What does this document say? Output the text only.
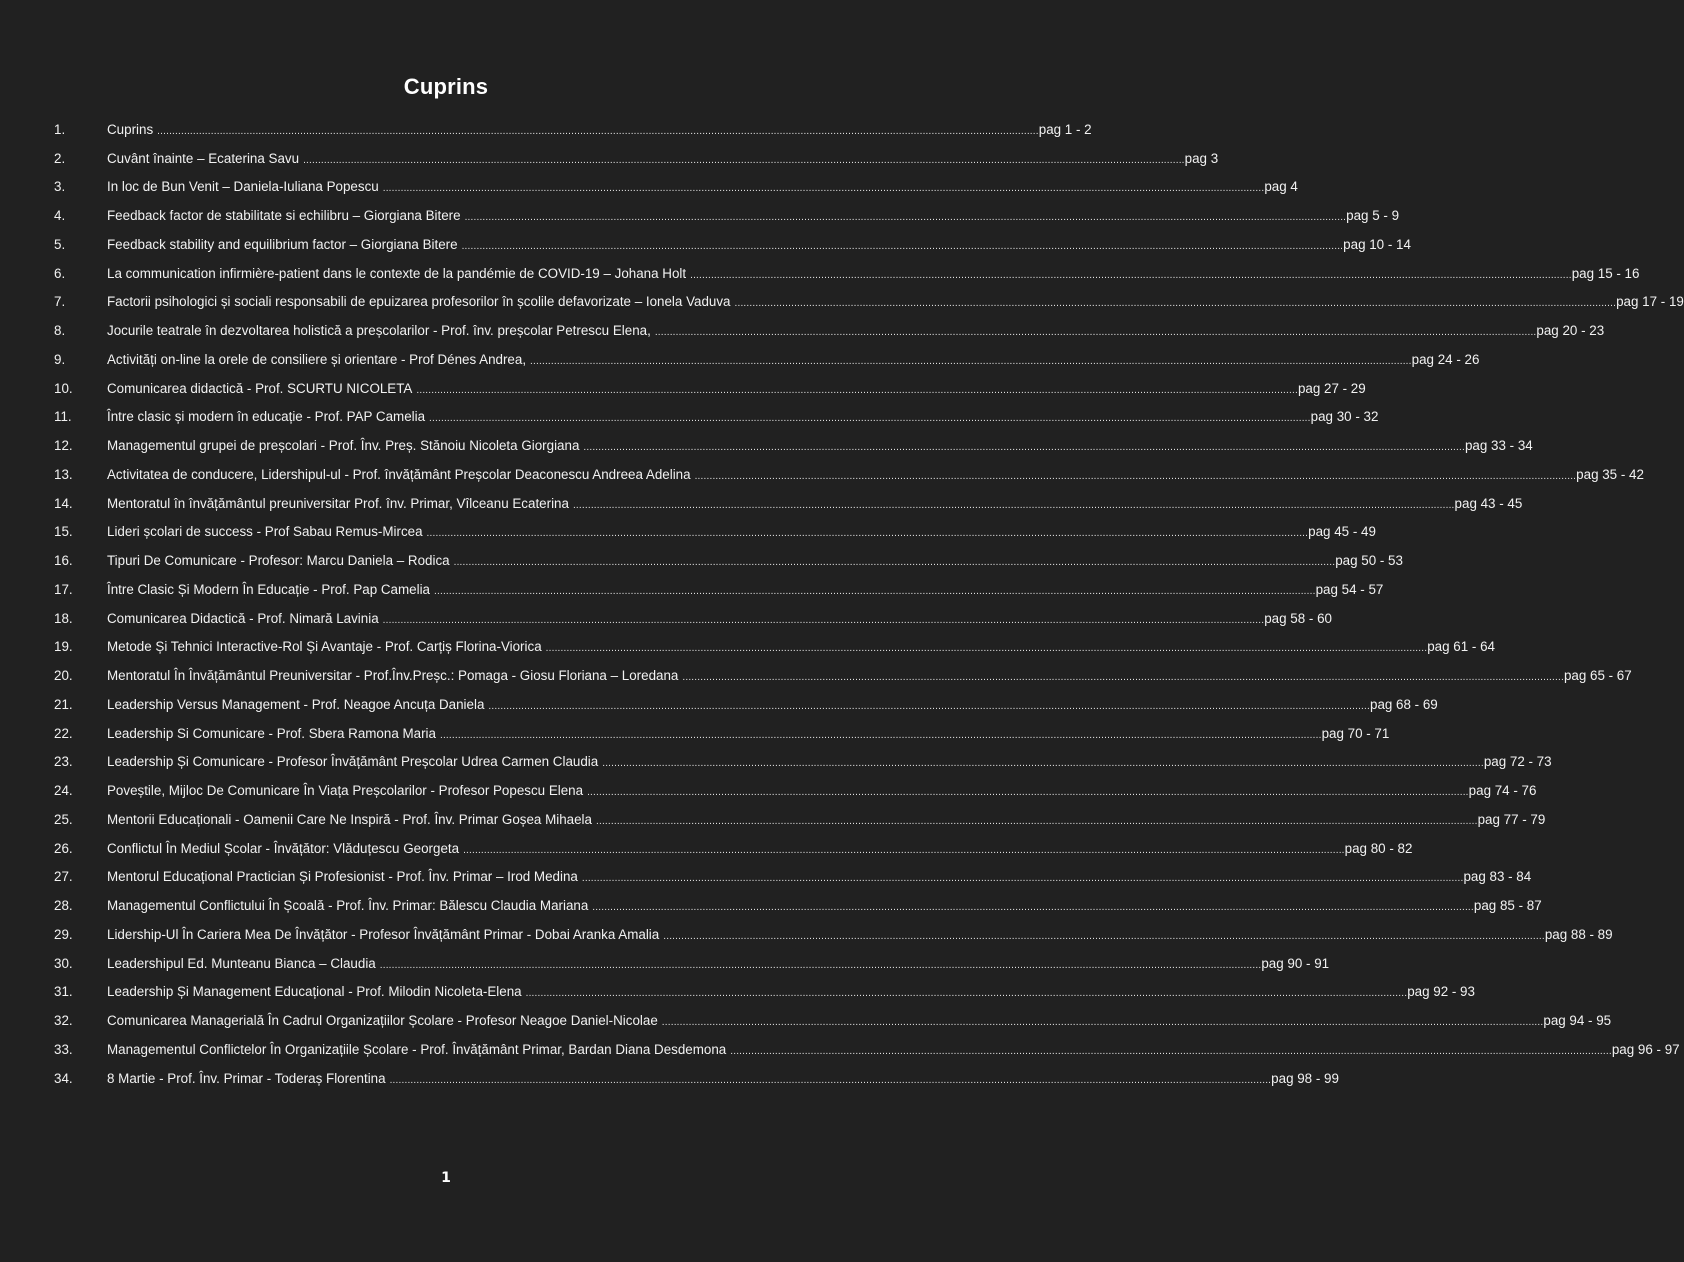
Cuprins
1.	Cuprins .....	pag 1 - 2
2.	Cuvânt înainte – Ecaterina Savu .....	pag 3
3.	In loc de Bun Venit – Daniela-Iuliana Popescu .....	pag 4
4.	Feedback factor de stabilitate si echilibru – Giorgiana Bitere .....	pag 5 - 9
5.	Feedback stability and equilibrium factor – Giorgiana Bitere .....	pag 10 - 14
6.	La communication infirmière-patient dans le contexte de la pandémie de COVID-19 – Johana Holt .....	pag 15 - 16
7.	Factorii psihologici și sociali responsabili de epuizarea profesorilor în școlile defavorizate – Ionela Vaduva .....	pag 17 - 19
8.	Jocurile teatrale în dezvoltarea holistică a preșcolarilor - Prof. înv. preșcolar Petrescu Elena, .....	pag 20 - 23
9.	Activități on-line la orele de consiliere și orientare - Prof Dénes Andrea, .....	pag 24 - 26
10.	Comunicarea didactică - Prof. SCURTU NICOLETA .....	pag 27 - 29
11.	Între clasic și modern în educație - Prof. PAP Camelia .....	pag 30 - 32
12.	Managementul grupei de preșcolari - Prof. Înv. Preș. Stănoiu Nicoleta Giorgiana .....	pag 33 - 34
13.	Activitatea de conducere, Lidershipul-ul - Prof. învățământ Preșcolar Deaconescu Andreea Adelina .....	pag 35 - 42
14.	Mentoratul în învățământul preuniversitar Prof. înv. Primar, Vîlceanu Ecaterina .....	pag 43 - 45
15.	Lideri școlari de success - Prof Sabau Remus-Mircea .....	pag 45 - 49
16.	Tipuri De Comunicare - Profesor: Marcu Daniela – Rodica .....	pag 50 - 53
17.	Între Clasic Și Modern În Educație - Prof. Pap Camelia .....	pag 54 - 57
18.	Comunicarea Didactică - Prof. Nimară Lavinia .....	pag 58 - 60
19.	Metode Și Tehnici Interactive-Rol Și Avantaje - Prof. Carțiș Florina-Viorica .....	pag 61 - 64
20.	Mentoratul În Învățământul Preuniversitar - Prof.Înv.Preșc.: Pomaga - Giosu Floriana – Loredana .....	pag 65 - 67
21.	Leadership Versus Management - Prof. Neagoe Ancuța Daniela .....	pag 68 - 69
22.	Leadership Si Comunicare - Prof. Sbera Ramona Maria .....	pag 70 - 71
23.	Leadership Și Comunicare - Profesor Învățământ Preșcolar Udrea Carmen Claudia .....	pag 72 - 73
24.	Poveștile, Mijloc De Comunicare În Viața Preșcolarilor - Profesor Popescu Elena .....	pag 74 - 76
25.	Mentorii Educaționali - Oamenii Care Ne Inspiră - Prof. Înv. Primar Goșea Mihaela .....	pag 77 - 79
26.	Conflictul În Mediul Școlar - Învățător: Vlăduțescu Georgeta .....	pag 80 - 82
27.	Mentorul Educațional Practician Și Profesionist - Prof. Înv. Primar – Irod Medina .....	pag 83 - 84
28.	Managementul Conflictului În Școală - Prof. Înv. Primar: Bălescu Claudia Mariana .....	pag 85 - 87
29.	Lidership-Ul În Cariera Mea De Învățător - Profesor Învățământ Primar - Dobai Aranka Amalia .....	pag 88 - 89
30.	Leadershipul Ed. Munteanu Bianca – Claudia .....	pag 90 - 91
31.	Leadership Și Management Educațional - Prof. Milodin Nicoleta-Elena .....	pag 92 - 93
32.	Comunicarea Managerială În Cadrul Organizațiilor Școlare - Profesor Neagoe Daniel-Nicolae .....	pag 94 - 95
33.	Managementul Conflictelor În Organizațiile Școlare - Prof. Învățământ Primar, Bardan Diana Desdemona .....	pag 96 - 97
34.	8 Martie - Prof. Înv. Primar - Toderaș Florentina .....	pag 98 - 99
1
